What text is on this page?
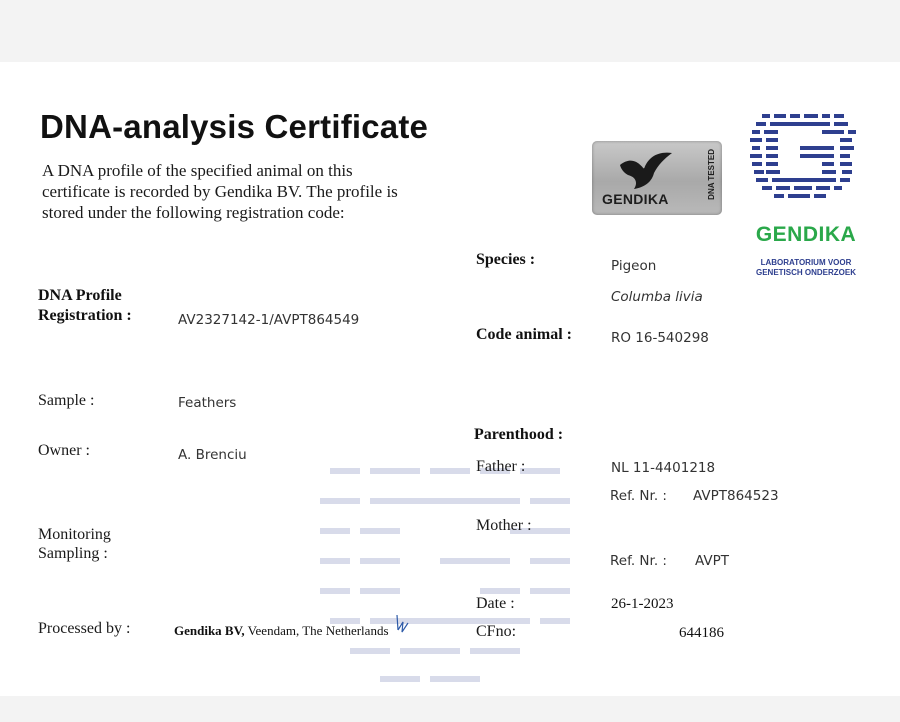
DNA-analysis Certificate
A DNA profile of the specified animal on this certificate is recorded by Gendika BV. The profile is stored under the following registration code:
GENDIKA	DNA TESTED
GENDIKA
LABORATORIUM VOOR GENETISCH ONDERZOEK
DNA Profile
Registration :	AV2327142-1/AVPT864549
Sample :	Feathers
Owner :	A. Brenciu
Monitoring
Sampling :
Processed by :	Gendika BV, Veendam, The Netherlands
Species :	Pigeon
Columba livia
Code animal :	RO 16-540298
Parenthood :
Father :	NL 11-4401218
Ref. Nr. : AVPT864523
Mother :
Ref. Nr. : AVPT
Date :	26-1-2023
CFno:	644186
